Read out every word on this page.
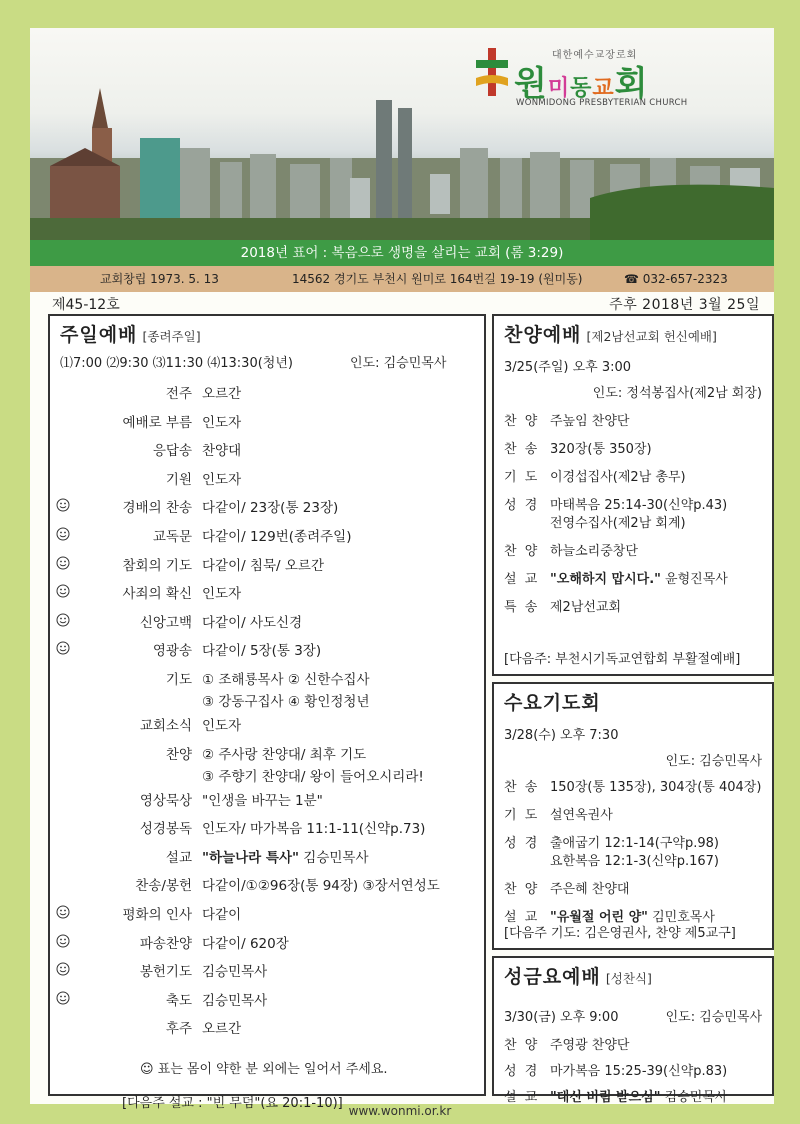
대한예수교장로회
원미동교회
WONMIDONG PRESBYTERIAN CHURCH
2018년 표어 : 복음으로 생명을 살리는 교회 (롬 3:29)
교회창립 1973. 5. 13	14562 경기도 부천시 원미로 164번길 19-19 (원미동)	☎ 032-657-2323
제45-12호	주후 2018년 3월 25일
주일예배 [종려주일]
⑴7:00 ⑵9:30 ⑶11:30 ⑷13:30(청년)	인도: 김승민목사
전주 오르간
예배로 부름 인도자
응답송 찬양대
기원 인도자
경배의 찬송 다같이/ 23장(통 23장)
교독문 다같이/ 129번(종려주일)
참회의 기도 다같이/ 침묵/ 오르간
사죄의 확신 인도자
신앙고백 다같이/ 사도신경
영광송 다같이/ 5장(통 3장)
기도 ① 조해룡목사 ② 신한수집사
③ 강동구집사 ④ 황인정청년
교회소식 인도자
찬양 ② 주사랑 찬양대/ 최후 기도
③ 주향기 찬양대/ 왕이 들어오시리라!
영상묵상 "인생을 바꾸는 1분"
성경봉독 인도자/ 마가복음 11:1-11(신약p.73)
설교 "하늘나라 특사" 김승민목사
찬송/봉헌 다같이/①②96장(통 94장) ③장서연성도
평화의 인사 다같이
파송찬양 다같이/ 620장
봉헌기도 김승민목사
축도 김승민목사
후주 오르간
☺ 표는 몸이 약한 분 외에는 일어서 주세요.
[다음주 설교 : "빈 무덤"(요 20:1-10)]
찬양예배 [제2남선교회 헌신예배]
3/25(주일) 오후 3:00
인도: 정석봉집사(제2남 회장)
찬 양 주높임 찬양단
찬 송 320장(통 350장)
기 도 이경섭집사(제2남 총무)
성 경 마태복음 25:14-30(신약p.43)
전영수집사(제2남 회계)
찬 양 하늘소리중창단
설 교 "오해하지 맙시다." 윤형진목사
특 송 제2남선교회
[다음주: 부천시기독교연합회 부활절예배]
수요기도회
3/28(수) 오후 7:30
인도: 김승민목사
찬 송 150장(통 135장), 304장(통 404장)
기 도 설연옥권사
성 경 출애굽기 12:1-14(구약p.98)
요한복음 12:1-3(신약p.167)
찬 양 주은혜 찬양대
설 교 "유월절 어린 양" 김민호목사
[다음주 기도: 김은영권사, 찬양 제5교구]
성금요예배 [성찬식]
3/30(금) 오후 9:00	인도: 김승민목사
찬 양 주영광 찬양단
성 경 마가복음 15:25-39(신약p.83)
설 교 "대신 버림 받으심" 김승민목사
www.wonmi.or.kr
